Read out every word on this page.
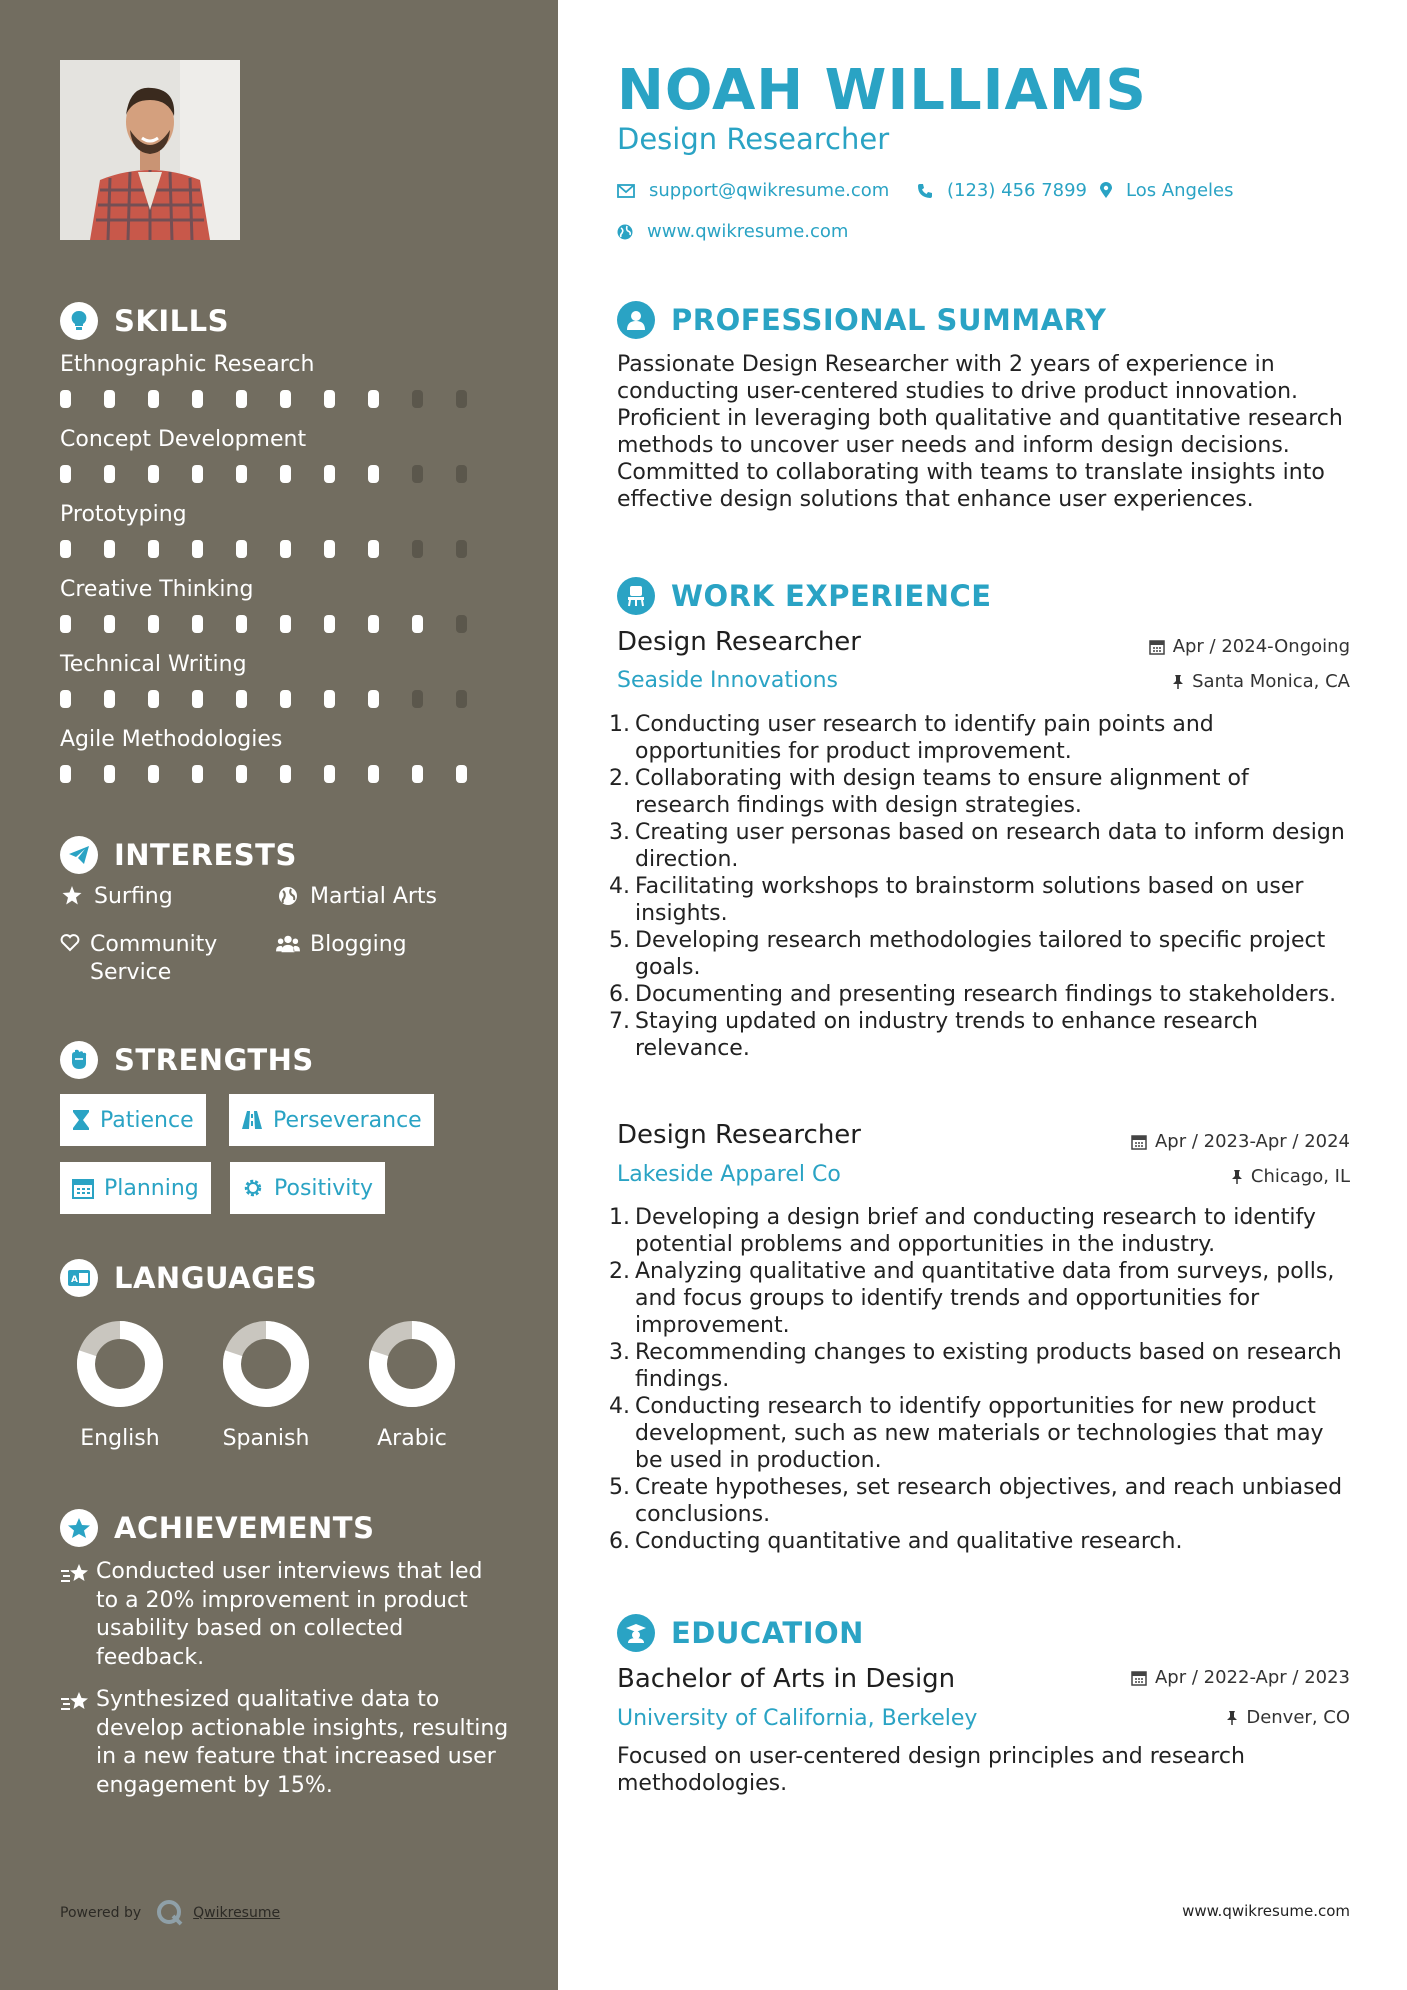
SKILLS
Ethnographic Research
Concept Development
Prototyping
Creative Thinking
Technical Writing
Agile Methodologies
INTERESTS
Surfing	Martial Arts
Community Service
Blogging
STRENGTHS
Patience	Perseverance
Planning	Positivity
A LANGUAGES
English	Spanish	Arabic
ACHIEVEMENTS
Conducted user interviews that led to a 20% improvement in product usability based on collected feedback.
Synthesized qualitative data to develop actionable insights, resulting in a new feature that increased user engagement by 15%.
Powered by	Qwikresume
NOAH WILLIAMS
Design Researcher
support@qwikresume.com	(123) 456 7899 Los Angeles
www.qwikresume.com
PROFESSIONAL SUMMARY
Passionate Design Researcher with 2 years of experience in conducting user-centered studies to drive product innovation. Proficient in leveraging both qualitative and quantitative research methods to uncover user needs and inform design decisions. Committed to collaborating with teams to translate insights into effective design solutions that enhance user experiences.
WORK EXPERIENCE
Design Researcher
Seaside Innovations
Apr / 2024-Ongoing
Santa Monica, CA
1. Conducting user research to identify pain points and opportunities for product improvement.
2. Collaborating with design teams to ensure alignment of research findings with design strategies.
3. Creating user personas based on research data to inform design direction.
4. Facilitating workshops to brainstorm solutions based on user insights.
5. Developing research methodologies tailored to specific project goals.
6. Documenting and presenting research findings to stakeholders.
7. Staying updated on industry trends to enhance research relevance.
Design Researcher
Lakeside Apparel Co
Apr / 2023-Apr / 2024
Chicago, IL
1. Developing a design brief and conducting research to identify potential problems and opportunities in the industry.
2. Analyzing qualitative and quantitative data from surveys, polls, and focus groups to identify trends and opportunities for improvement.
3. Recommending changes to existing products based on research findings.
4. Conducting research to identify opportunities for new product development, such as new materials or technologies that may be used in production.
5. Create hypotheses, set research objectives, and reach unbiased conclusions.
6. Conducting quantitative and qualitative research.
EDUCATION
Bachelor of Arts in Design
University of California, Berkeley
Apr / 2022-Apr / 2023
Denver, CO
Focused on user-centered design principles and research methodologies.
www.qwikresume.com
